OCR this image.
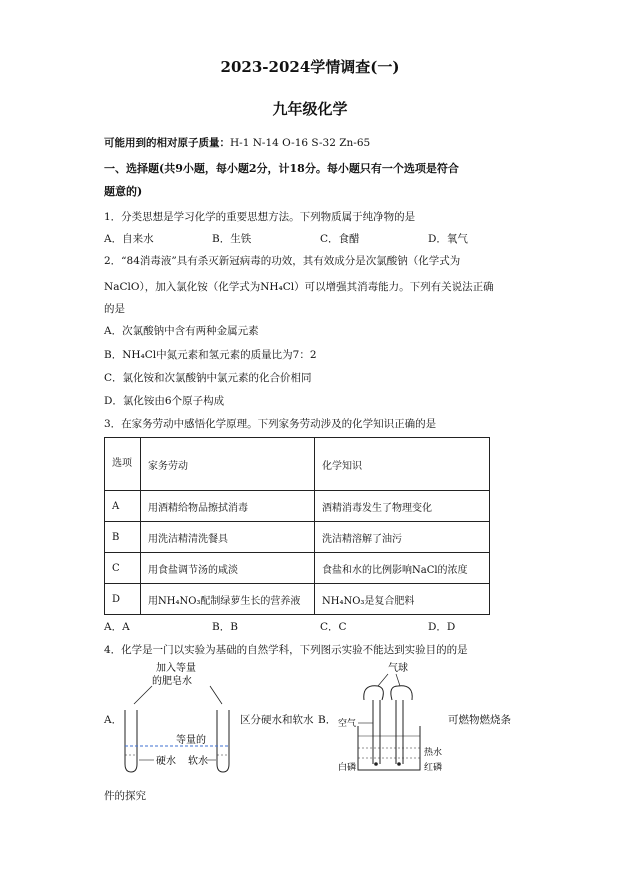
2023-2024学情调查(一)
九年级化学
可能用到的相对原子质量：H-1 N-14 O-16 S-32 Zn-65
一、选择题(共9小题，每小题2分，计18分。每小题只有一个选项是符合
题意的)
1．分类思想是学习化学的重要思想方法。下列物质属于纯净物的是
A．自来水	B．生铁	C．食醋	D．氧气
2．“84消毒液”具有杀灭新冠病毒的功效，其有效成分是次氯酸钠（化学式为
NaClO），加入氯化铵（化学式为NH₄Cl）可以增强其消毒能力。下列有关说法正确
的是
A．次氯酸钠中含有两种金属元素
B．NH₄Cl中氮元素和氢元素的质量比为7：2
C．氯化铵和次氯酸钠中氯元素的化合价相同
D．氯化铵由6个原子构成
3．在家务劳动中感悟化学原理。下列家务劳动涉及的化学知识正确的是
选项	家务劳动	化学知识
A	用酒精给物品擦拭消毒	酒精消毒发生了物理变化
B	用洗洁精清洗餐具	洗洁精溶解了油污
C	用食盐调节汤的咸淡	食盐和水的比例影响NaCl的浓度
D	用NH₄NO₃配制绿萝生长的营养液	NH₄NO₃是复合肥料
A．A	B．B	C．C	D．D
4．化学是一门以实验为基础的自然学科，下列图示实验不能达到实验目的的是
A．
加入等量
的肥皂水
等量的
硬水 软水
区分硬水和软水 B．
气球
空气
热水
白磷	红磷
可燃物燃烧条
件的探究
